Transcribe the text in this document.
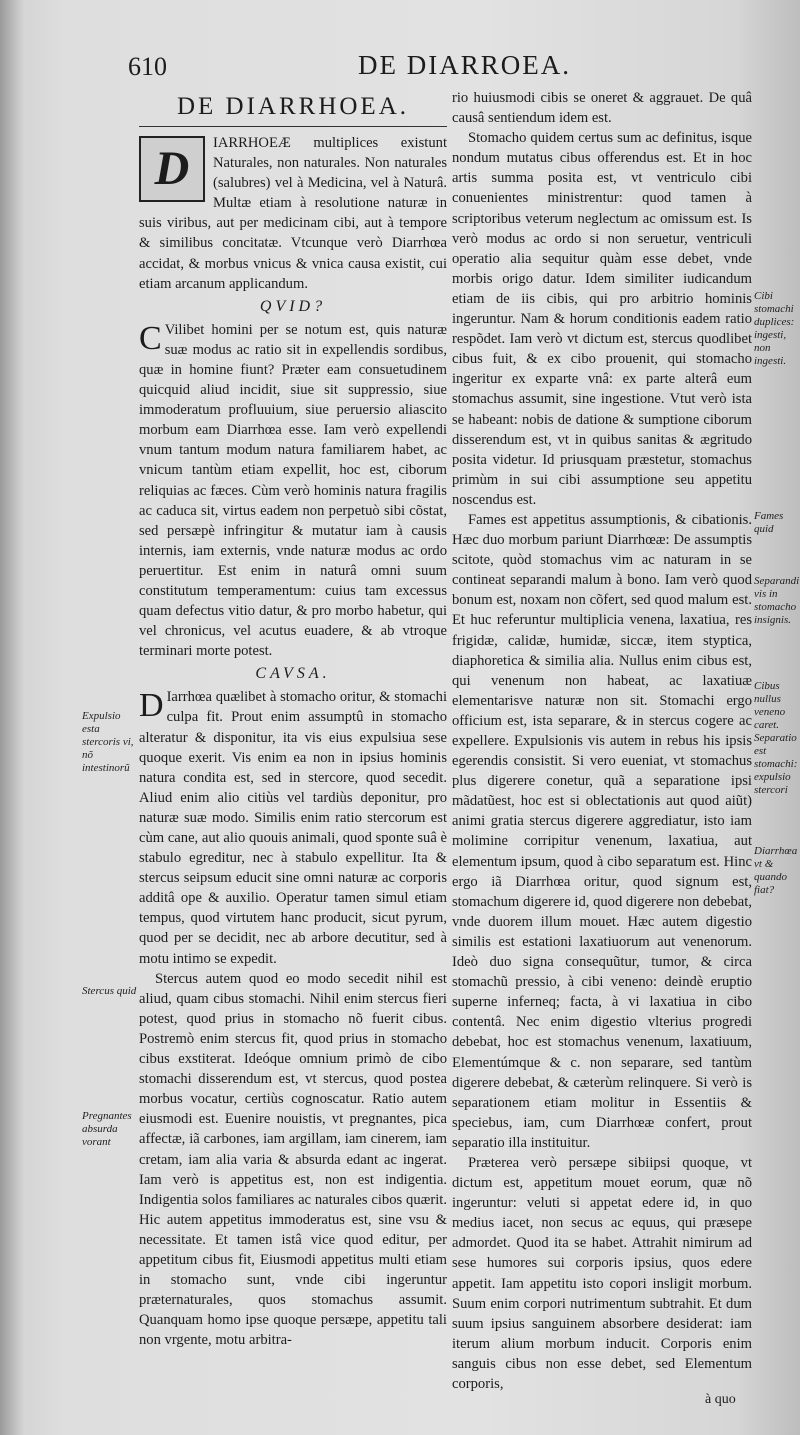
610	DE DIARROEA.
DE DIARRHOEA.

D	IARRHOEÆ multiplices existunt Naturales, non naturales. Non naturales (salubres) vel à Medicina, vel à Naturâ. Multæ etiam à resolutione naturæ in suis viribus, aut per medicinam cibi, aut à tempore & similibus concitatæ. Vtcunque verò Diarrhœa accidat, & morbus vnicus & vnica causa existit, cui etiam arcanum applicandum.

QVID?

C Vilibet homini per se notum est, quis naturæ suæ modus ac ratio sit in expellendis sordibus, quæ in homine fiunt? Præter eam consuetudinem quicquid aliud incidit, siue sit suppressio, siue immoderatum profluuium, siue peruersio aliascito morbum eam Diarrhœa esse. Iam verò expellendi vnum tantum modum natura familiarem habet, ac vnicum tantùm etiam expellit, hoc est, ciborum reliquias ac fæces. Cùm verò hominis natura fragilis ac caduca sit, virtus eadem non perpetuò sibi cõstat, sed persæpè infringitur & mutatur iam à causis internis, iam externis, vnde naturæ modus ac ordo peruertitur. Est enim in naturâ omni suum constitutum temperamentum: cuius tam excessus quam defectus vitio datur, & pro morbo habetur, qui vel chronicus, vel acutus euadere, & ab vtroque terminari morte potest.

CAVSA.

D Iarrhœa quælibet à stomacho oritur, & stomachi culpa fit. Prout enim assumptû in stomacho alteratur & disponitur, ita vis eius expulsiua sese quoque exerit. Vis enim ea non in ipsius hominis natura condita est, sed in stercore, quod secedit. Aliud enim alio citiùs vel tardiùs deponitur, pro naturæ suæ modo. Similis enim ratio stercorum est cùm cane, aut alio quouis animali, quod sponte suâ è stabulo egreditur, nec à stabulo expellitur. Ita & stercus seipsum educit sine omni naturæ ac corporis additâ ope & auxilio. Operatur tamen simul etiam tempus, quod virtutem hanc producit, sicut pyrum, quod per se decidit, nec ab arbore decutitur, sed à motu intimo se expedit.

Stercus autem quod eo modo secedit nihil est aliud, quam cibus stomachi. Nihil enim stercus fieri potest, quod prius in stomacho nõ fuerit cibus. Postremò enim stercus fit, quod prius in stomacho cibus exstiterat. Ideóque omnium primò de cibo stomachi disserendum est, vt stercus, quod postea morbus vocatur, certiùs cognoscatur. Ratio autem eiusmodi est. Euenire nouistis, vt pregnantes, pica affectæ, iã carbones, iam argillam, iam cinerem, iam cretam, iam alia varia & absurda edant ac ingerat. Iam verò is appetitus est, non est indigentia. Indigentia solos familiares ac naturales cibos quærit. Hic autem appetitus immoderatus est, sine vsu & necessitate. Et tamen istâ vice quod editur, per appetitum cibus fit, Eiusmodi appetitus multi etiam in stomacho sunt, vnde cibi ingeruntur præternaturales, quos stomachus assumit. Quanquam homo ipse quoque persæpe, appetitu tali non vrgente, motu arbitra-

rio huiusmodi cibis se oneret & aggrauet. De quâ causâ sentiendum idem est.

Stomacho quidem certus sum ac definitus, isque nondum mutatus cibus offerendus est. Et in hoc artis summa posita est, vt ventriculo cibi conuenientes ministrentur: quod tamen à scriptoribus veterum neglectum ac omissum est. Is verò modus ac ordo si non seruetur, ventriculi operatio alia sequitur quàm esse debet, vnde morbis origo datur. Idem similiter iudicandum etiam de iis cibis, qui pro arbitrio hominis ingeruntur. Nam & horum conditionis eadem ratio respõdet. Iam verò vt dictum est, stercus quodlibet cibus fuit, & ex cibo prouenit, qui stomacho ingeritur ex exparte vnâ: ex parte alterâ eum stomachus assumit, sine ingestione. Vtut verò ista se habeant: nobis de datione & sumptione ciborum disserendum est, vt in quibus sanitas & ægritudo posita videtur. Id priusquam præstetur, stomachus primùm in sui cibi assumptione seu appetitu noscendus est.

Fames est appetitus assumptionis, & cibationis. Hæc duo morbum pariunt Diarrhœæ: De assumptis scitote, quòd stomachus vim ac naturam in se contineat separandi malum à bono. Iam verò quod bonum est, noxam non cõfert, sed quod malum est. Et huc referuntur multiplicia venena, laxatiua, res frigidæ, calidæ, humidæ, siccæ, item styptica, diaphoretica & similia alia. Nullus enim cibus est, qui venenum non habeat, ac laxatiuæ elementarisve naturæ non sit. Stomachi ergo officium est, ista separare, & in stercus cogere ac expellere. Expulsionis vis autem in rebus his ipsis egerendis consistit. Si vero eueniat, vt stomachus plus digerere conetur, quã a separatione ipsi mãdatũest, hoc est si oblectationis aut quod aiũt) animi gratia stercus digerere aggrediatur, isto iam molimine corripitur venenum, laxatiua, aut elementum ipsum, quod à cibo separatum est. Hinc ergo iã Diarrhœa oritur, quod signum est, stomachum digerere id, quod digerere non debebat, vnde duorem illum mouet. Hæc autem digestio similis est estationi laxatiuorum aut venenorum. Ideò duo signa consequũtur, tumor, & circa stomachũ pressio, à cibi veneno: deindè eruptio superne inferneq; facta, à vi laxatiua in cibo contentâ. Nec enim digestio vlterius progredi debebat, hoc est stomachus venenum, laxatiuum, Elementúmque & c. non separare, sed tantùm digerere debebat, & cæterùm relinquere. Si verò is separationem etiam molitur in Essentiis & speciebus, iam, cum Diarrhœæ confert, prout separatio illa instituitur.

Præterea verò persæpe sibiipsi quoque, vt dictum est, appetitum mouet eorum, quæ nõ ingeruntur: veluti si appetat edere id, in quo medius iacet, non secus ac equus, qui præsepe admordet. Quod ita se habet. Attrahit nimirum ad sese humores sui corporis ipsius, quos edere appetit. Iam appetitu isto copori insligit morbum. Suum enim corpori nutrimentum subtrahit. Et dum suum ipsius sanguinem absorbere desiderat: iam iterum alium morbum inducit. Corporis enim sanguis cibus non esse debet, sed Elementum corporis,

Expulsio esta stercoris vi, nõ intestinorũ
Stercus quid
Pregnantes absurda vorant
Cibi stomachi duplices: ingesti, non ingesti.
Fames quid
Separandi vis in stomacho insignis.
Cibus nullus veneno caret. Separatio est stomachi: expulsio stercori
Diarrhœa vt & quando fiat?
à quo
